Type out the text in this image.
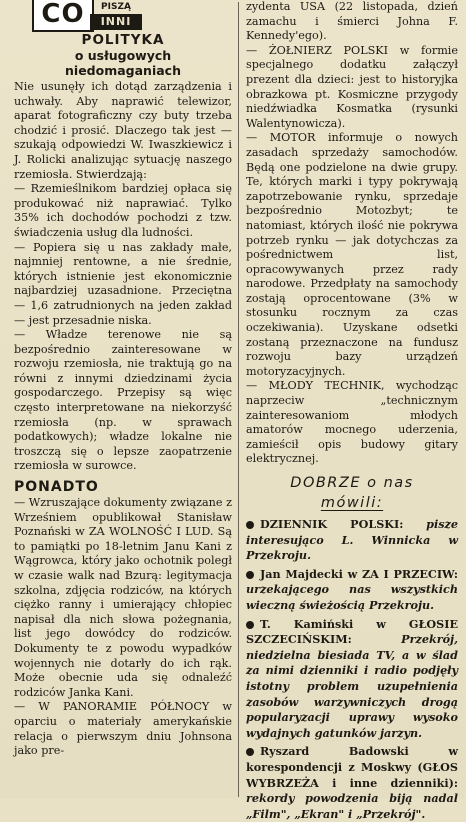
CO	PISZĄ
INNI

POLITYKA

o usługowych

niedomaganiach

Nie usunęły ich dotąd zarządzenia i uchwały. Aby naprawić telewizor, aparat fotograficzny czy buty trzeba chodzić i prosić. Dlaczego tak jest — szukają odpowiedzi W. Iwaszkiewicz i J. Rolicki analizując sytuację naszego rzemiosła. Stwierdzają:

— Rzemieślnikom bardziej opłaca się produkować niż naprawiać. Tylko 35% ich dochodów pochodzi z tzw. świadczenia usług dla ludności.

— Popiera się u nas zakłady małe, najmniej rentowne, a nie średnie, których istnienie jest ekonomicznie najbardziej uzasadnione. Przeciętna — 1,6 zatrudnionych na jeden zakład — jest przesadnie niska.

— Władze terenowe nie są bezpośrednio zainteresowane w rozwoju rzemiosła, nie traktują go na równi z innymi dziedzinami życia gospodarczego. Przepisy są więc często interpretowane na niekorzyść rzemiosła (np. w sprawach podatkowych); władze lokalne nie troszczą się o lepsze zaopatrzenie rzemiosła w surowce.

PONADTO

— Wzruszające dokumenty związane z Wrześniem opublikował Stanisław Poznański w ZA WOLNOŚĆ I LUD. Są to pamiątki po 18-letnim Janu Kani z Wągrowca, który jako ochotnik poległ w czasie walk nad Bzurą: legitymacja szkolna, zdjęcia rodziców, na których ciężko ranny i umierający chłopiec napisał dla nich słowa pożegnania, list jego dowódcy do rodziców. Dokumenty te z powodu wypadków wojennych nie dotarły do ich rąk. Może obecnie uda się odnaleźć rodziców Janka Kani.

— W PANORAMIE PÓŁNOCY w oparciu o materiały amerykańskie relacja o pierwszym dniu Johnsona jako pre-

zydenta USA (22 listopada, dzień zamachu i śmierci Johna F. Kennedy'ego).

— ŻOŁNIERZ POLSKI w formie specjalnego dodatku załączył prezent dla dzieci: jest to historyjka obrazkowa pt. Kosmiczne przygody niedźwiadka Kosmatka (rysunki Walentynowicza).

— MOTOR informuje o nowych zasadach sprzedaży samochodów. Będą one podzielone na dwie grupy. Te, których marki i typy pokrywają zapotrzebowanie rynku, sprzedaje bezpośrednio Motozbyt; te natomiast, których ilość nie pokrywa potrzeb rynku — jak dotychczas za pośrednictwem list, opracowywanych przez rady narodowe. Przedpłaty na samochody zostają oprocentowane (3% w stosunku rocznym za czas oczekiwania). Uzyskane odsetki zostaną przeznaczone na fundusz rozwoju bazy urządzeń motoryzacyjnych.

— MŁODY TECHNIK, wychodząc naprzeciw „technicznym zainteresowaniom młodych amatorów mocnego uderzenia, zamieścił opis budowy gitary elektrycznej.

DOBRZE o nas
mówili:

DZIENNIK POLSKI: pisze interesująco L. Winnicka w Przekroju.

Jan Majdecki w ZA I PRZECIW: urzekającego nas wszystkich wieczną świeżością Przekroju.

T. Kamiński w GŁOSIE SZCZECIŃSKIM:	Przekrój, niedzielna biesiada TV, a w ślad za nimi dzienniki i radio podjęły istotny problem uzupełnienia zasobów warzywniczych drogą popularyzacji uprawy wysoko wydajnych gatunków jarzyn.

Ryszard Badowski w korespondencji z Moskwy (GŁOS WYBRZEŻA i inne dzienniki): rekordy powodzenia biją nadal „Film", „Ekran" i „Przekrój".
